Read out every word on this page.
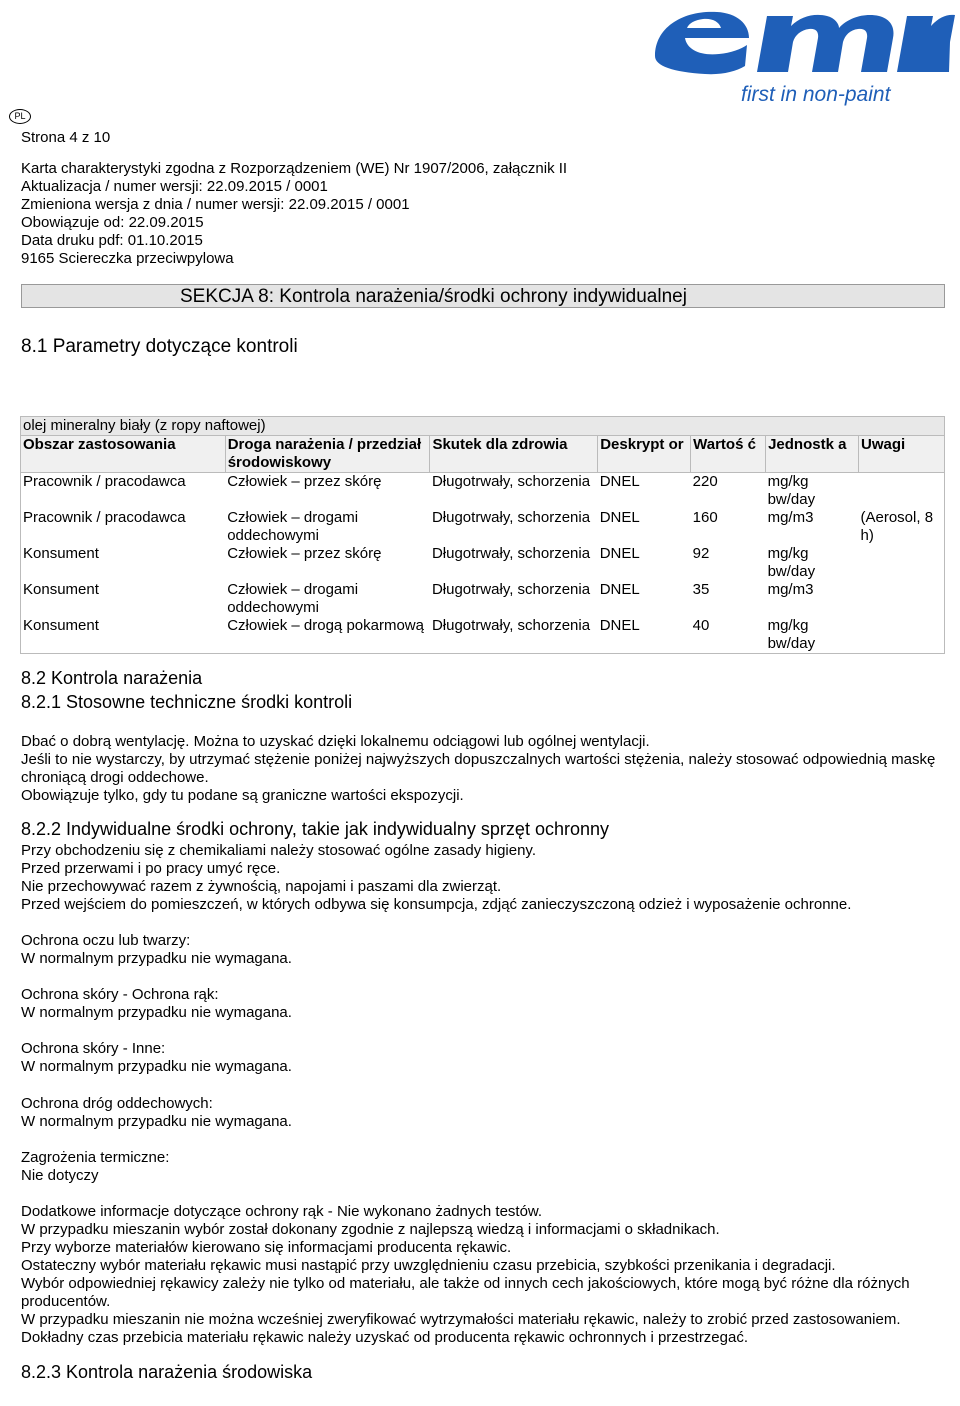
first in non-paint
PL
Strona 4 z 10
Karta charakterystyki zgodna z Rozporządzeniem (WE) Nr 1907/2006, załącznik II
Aktualizacja / numer wersji: 22.09.2015 / 0001
Zmieniona wersja z dnia / numer wersji: 22.09.2015 / 0001
Obowiązuje od: 22.09.2015
Data druku pdf: 01.10.2015
9165 Sciereczka przeciwpylowa
SEKCJA 8: Kontrola narażenia/środki ochrony indywidualnej
8.1 Parametry dotyczące kontroli
olej mineralny biały (z ropy naftowej)						
Obszar zastosowania	Droga narażenia / przedział środowiskowy	Skutek dla zdrowia	Deskrypt or	Wartoś ć	Jednostk a	Uwagi
Pracownik / pracodawca	Człowiek – przez skórę	Długotrwały, schorzenia	DNEL	220	mg/kg bw/day	
Pracownik / pracodawca	Człowiek – drogami oddechowymi	Długotrwały, schorzenia	DNEL	160	mg/m3	(Aerosol, 8 h)
Konsument	Człowiek – przez skórę	Długotrwały, schorzenia	DNEL	92	mg/kg bw/day	
Konsument	Człowiek – drogami oddechowymi	Długotrwały, schorzenia	DNEL	35	mg/m3	
Konsument	Człowiek – drogą pokarmową	Długotrwały, schorzenia	DNEL	40	mg/kg bw/day	
8.2 Kontrola narażenia
8.2.1 Stosowne techniczne środki kontroli

Dbać o dobrą wentylację. Można to uzyskać dzięki lokalnemu odciągowi lub ogólnej wentylacji.

Jeśli to nie wystarczy, by utrzymać stężenie poniżej najwyższych dopuszczalnych wartości stężenia, należy stosować odpowiednią maskę chroniącą drogi oddechowe.

Obowiązuje tylko, gdy tu podane są graniczne wartości ekspozycji.

8.2.2 Indywidualne środki ochrony, takie jak indywidualny sprzęt ochronny

Przy obchodzeniu się z chemikaliami należy stosować ogólne zasady higieny.

Przed przerwami i po pracy umyć ręce.

Nie przechowywać razem z żywnością, napojami i paszami dla zwierząt.

Przed wejściem do pomieszczeń, w których odbywa się konsumpcja, zdjąć zanieczyszczoną odzież i wyposażenie ochronne.

Ochrona oczu lub twarzy:

W normalnym przypadku nie wymagana.

Ochrona skóry - Ochrona rąk:

W normalnym przypadku nie wymagana.

Ochrona skóry - Inne:

W normalnym przypadku nie wymagana.

Ochrona dróg oddechowych:

W normalnym przypadku nie wymagana.

Zagrożenia termiczne:

Nie dotyczy

Dodatkowe informacje dotyczące ochrony rąk - Nie wykonano żadnych testów.

W przypadku mieszanin wybór został dokonany zgodnie z najlepszą wiedzą i informacjami o składnikach.

Przy wyborze materiałów kierowano się informacjami producenta rękawic.

Ostateczny wybór materiału rękawic musi nastąpić przy uwzględnieniu czasu przebicia, szybkości przenikania i degradacji.

Wybór odpowiedniej rękawicy zależy nie tylko od materiału, ale także od innych cech jakościowych, które mogą być różne dla różnych producentów.

W przypadku mieszanin nie można wcześniej zweryfikować wytrzymałości materiału rękawic, należy to zrobić przed zastosowaniem.

Dokładny czas przebicia materiału rękawic należy uzyskać od producenta rękawic ochronnych i przestrzegać.

8.2.3 Kontrola narażenia środowiska
